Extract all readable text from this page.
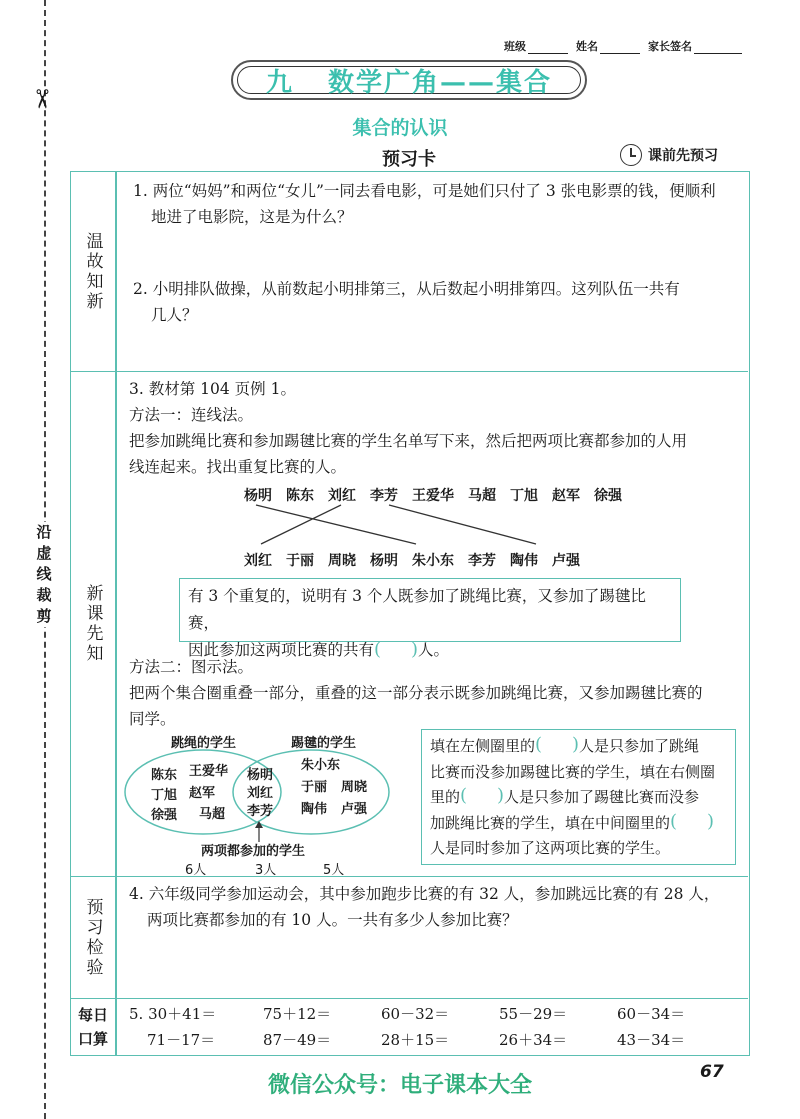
✂
沿虚线裁剪
班级	姓名	家长签名
九 数学广角——集合
集合的认识
预习卡	课前先预习
温故知新
1. 两位“妈妈”和两位“女儿”一同去看电影，可是她们只付了 3 张电影票的钱，便顺利
地进了电影院，这是为什么？
2. 小明排队做操，从前数起小明排第三，从后数起小明排第四。这列队伍一共有
几人？
新课先知
3. 教材第 104 页例 1。
方法一：连线法。
把参加跳绳比赛和参加踢毽比赛的学生名单写下来，然后把两项比赛都参加的人用
线连起来。找出重复比赛的人。
杨明 陈东 刘红 李芳 王爱华 马超 丁旭 赵军 徐强
刘红 于丽 周晓 杨明 朱小东 李芳 陶伟 卢强
有 3 个重复的，说明有 3 个人既参加了跳绳比赛，又参加了踢毽比赛，
因此参加这两项比赛的共有 ( )	人。
方法二：图示法。
把两个集合圈重叠一部分，重叠的这一部分表示既参加跳绳比赛，又参加踢毽比赛的
同学。
跳绳的学生	踢毽的学生
陈东 王爱华
丁旭 赵军
徐强 马超
杨明
刘红
李芳
朱小东
于丽 周晓
陶伟 卢强
两项都参加的学生
6人	3人	5人
填在左侧圈里的 ( )	人是只参加了跳绳
比赛而没参加踢毽比赛的学生，填在右侧圈
里的 ( )	人是只参加了踢毽比赛而没参
加跳绳比赛的学生，填在中间圈里的( )
人是同时参加了这两项比赛的学生。
预习检验
4. 六年级同学参加运动会，其中参加跑步比赛的有 32 人，参加跳远比赛的有 28 人，
两项比赛都参加的有 10 人。一共有多少人参加比赛？
每日口算
5. 30＋41＝	75＋12＝	60－32＝	55－29＝	60－34＝
71－17＝	87－49＝	28＋15＝	26＋34＝	43－34＝
微信公众号：电子课本大全
67
